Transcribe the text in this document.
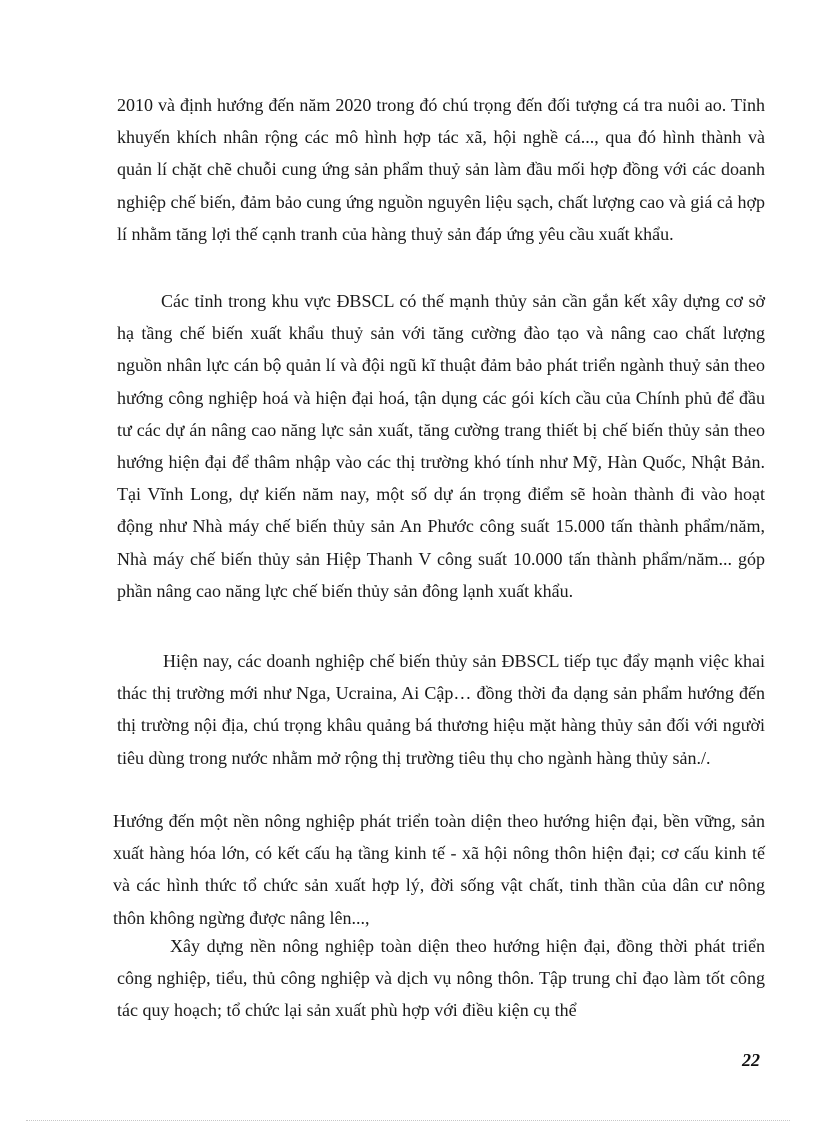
2010 và định hướng đến năm 2020 trong đó chú trọng đến đối tượng cá tra nuôi ao. Tỉnh khuyến khích nhân rộng các mô hình hợp tác xã, hội nghề cá..., qua đó hình thành và quản lí chặt chẽ chuỗi cung ứng sản phẩm thuỷ sản làm đầu mối hợp đồng với các doanh nghiệp chế biến, đảm bảo cung ứng nguồn nguyên liệu sạch, chất lượng cao và giá cả hợp lí nhằm tăng lợi thế cạnh tranh của hàng thuỷ sản đáp ứng yêu cầu xuất khẩu.

Các tỉnh trong khu vực ĐBSCL có thế mạnh thủy sản cần gắn kết xây dựng cơ sở hạ tầng chế biến xuất khẩu thuỷ sản với tăng cường đào tạo và nâng cao chất lượng nguồn nhân lực cán bộ quản lí và đội ngũ kĩ thuật đảm bảo phát triển ngành thuỷ sản theo hướng công nghiệp hoá và hiện đại hoá, tận dụng các gói kích cầu của Chính phủ để đầu tư các dự án nâng cao năng lực sản xuất, tăng cường trang thiết bị chế biến thủy sản theo hướng hiện đại để thâm nhập vào các thị trường khó tính như Mỹ, Hàn Quốc, Nhật Bản. Tại Vĩnh Long, dự kiến năm nay, một số dự án trọng điểm sẽ hoàn thành đi vào hoạt động như Nhà máy chế biến thủy sản An Phước công suất 15.000 tấn thành phẩm/năm, Nhà máy chế biến thủy sản Hiệp Thanh V công suất 10.000 tấn thành phẩm/năm... góp phần nâng cao năng lực chế biến thủy sản đông lạnh xuất khẩu.

Hiện nay, các doanh nghiệp chế biến thủy sản ĐBSCL tiếp tục đẩy mạnh việc khai thác thị trường mới như Nga, Ucraina, Ai Cập… đồng thời đa dạng sản phẩm hướng đến thị trường nội địa, chú trọng khâu quảng bá thương hiệu mặt hàng thủy sản đối với người tiêu dùng trong nước nhằm mở rộng thị trường tiêu thụ cho ngành hàng thủy sản./.

Hướng đến một nền nông nghiệp phát triển toàn diện theo hướng hiện đại, bền vững, sản xuất hàng hóa lớn, có kết cấu hạ tầng kinh tế - xã hội nông thôn hiện đại; cơ cấu kinh tế và các hình thức tổ chức sản xuất hợp lý, đời sống vật chất, tinh thần của dân cư nông thôn không ngừng được nâng lên...,

Xây dựng nền nông nghiệp toàn diện theo hướng hiện đại, đồng thời phát triển công nghiệp, tiểu, thủ công nghiệp và dịch vụ nông thôn. Tập trung chỉ đạo làm tốt công tác quy hoạch; tổ chức lại sản xuất phù hợp với điều kiện cụ thể

22
